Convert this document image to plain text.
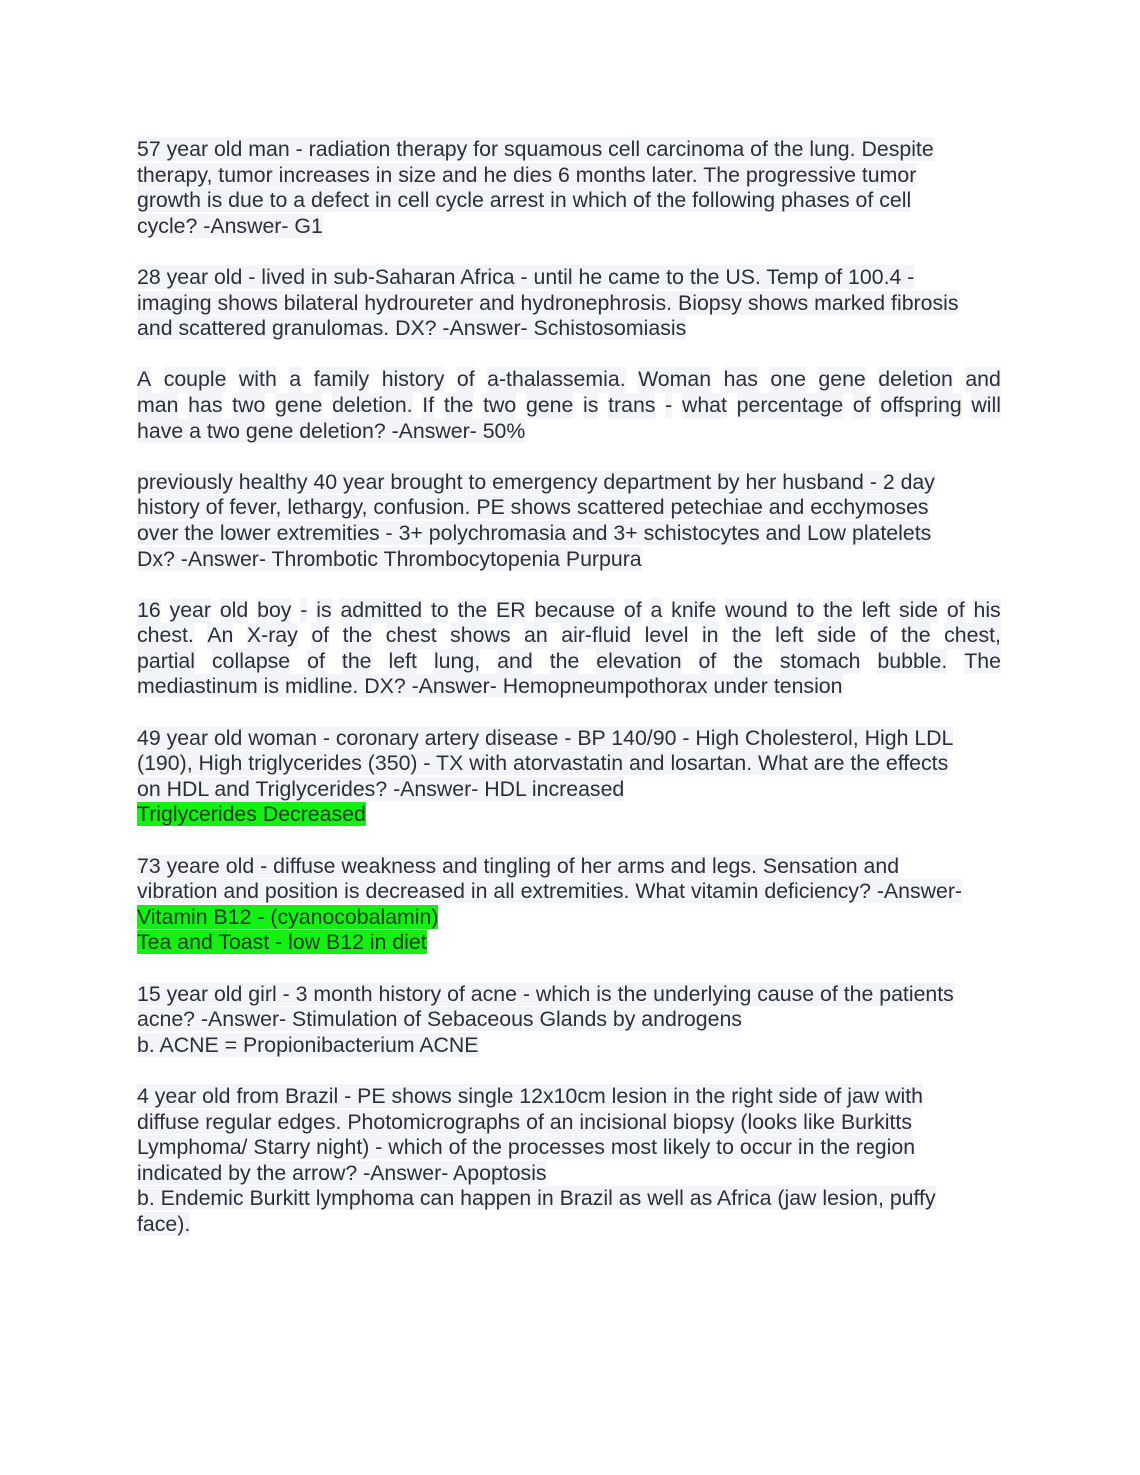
57 year old man - radiation therapy for squamous cell carcinoma of the lung. Despite
therapy, tumor increases in size and he dies 6 months later. The progressive tumor
growth is due to a defect in cell cycle arrest in which of the following phases of cell
cycle? -Answer- G1
28 year old - lived in sub-Saharan Africa - until he came to the US. Temp of 100.4 -
imaging shows bilateral hydroureter and hydronephrosis. Biopsy shows marked fibrosis
and scattered granulomas. DX? -Answer- Schistosomiasis
A couple with a family history of a-thalassemia. Woman has one gene deletion and
man has two gene deletion. If the two gene is trans - what percentage of offspring will
have a two gene deletion? -Answer- 50%
previously healthy 40 year brought to emergency department by her husband - 2 day
history of fever, lethargy, confusion. PE shows scattered petechiae and ecchymoses
over the lower extremities - 3+ polychromasia and 3+ schistocytes and Low platelets
Dx? -Answer- Thrombotic Thrombocytopenia Purpura
16 year old boy - is admitted to the ER because of a knife wound to the left side of his
chest. An X-ray of the chest shows an air-fluid level in the left side of the chest,
partial collapse of the left lung, and the elevation of the stomach bubble. The
mediastinum is midline. DX? -Answer- Hemopneumpothorax under tension
49 year old woman - coronary artery disease - BP 140/90 - High Cholesterol, High LDL
(190), High triglycerides (350) - TX with atorvastatin and losartan. What are the effects
on HDL and Triglycerides? -Answer- HDL increased
Triglycerides Decreased
73 yeare old - diffuse weakness and tingling of her arms and legs. Sensation and
vibration and position is decreased in all extremities. What vitamin deficiency? -Answer-
Vitamin B12 - (cyanocobalamin)
Tea and Toast - low B12 in diet
15 year old girl - 3 month history of acne - which is the underlying cause of the patients
acne? -Answer- Stimulation of Sebaceous Glands by androgens
b. ACNE = Propionibacterium ACNE
4 year old from Brazil - PE shows single 12x10cm lesion in the right side of jaw with
diffuse regular edges. Photomicrographs of an incisional biopsy (looks like Burkitts
Lymphoma/ Starry night) - which of the processes most likely to occur in the region
indicated by the arrow? -Answer- Apoptosis
b. Endemic Burkitt lymphoma can happen in Brazil as well as Africa (jaw lesion, puffy
face).
